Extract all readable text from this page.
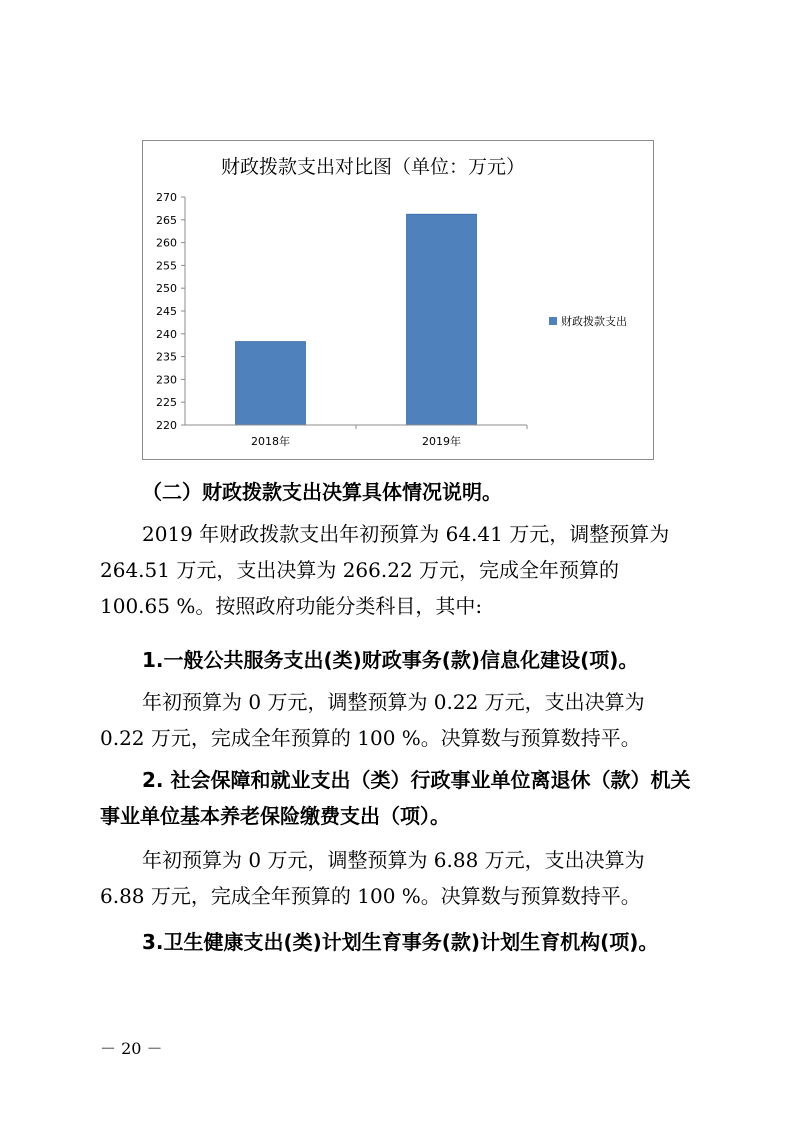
财政拨款支出对比图（单位：万元）
220
225
230
235
240
245
250
255
260
265
270
2018年	2019年
财政拨款支出

（二）财政拨款支出决算具体情况说明。

2019 年财政拨款支出年初预算为 64.41 万元，调整预算为 264.51 万元，支出决算为 266.22 万元，完成全年预算的 100.65 %。按照政府功能分类科目，其中:

1.一般公共服务支出(类)财政事务(款)信息化建设(项)。

年初预算为 0 万元，调整预算为 0.22 万元，支出决算为 0.22 万元，完成全年预算的 100 %。决算数与预算数持平。

2. 社会保障和就业支出（类）行政事业单位离退休（款）机关事业单位基本养老保险缴费支出（项）。

年初预算为 0 万元，调整预算为 6.88 万元，支出决算为 6.88 万元，完成全年预算的 100 %。决算数与预算数持平。

3.卫生健康支出(类)计划生育事务(款)计划生育机构(项)。

－ 20 －
